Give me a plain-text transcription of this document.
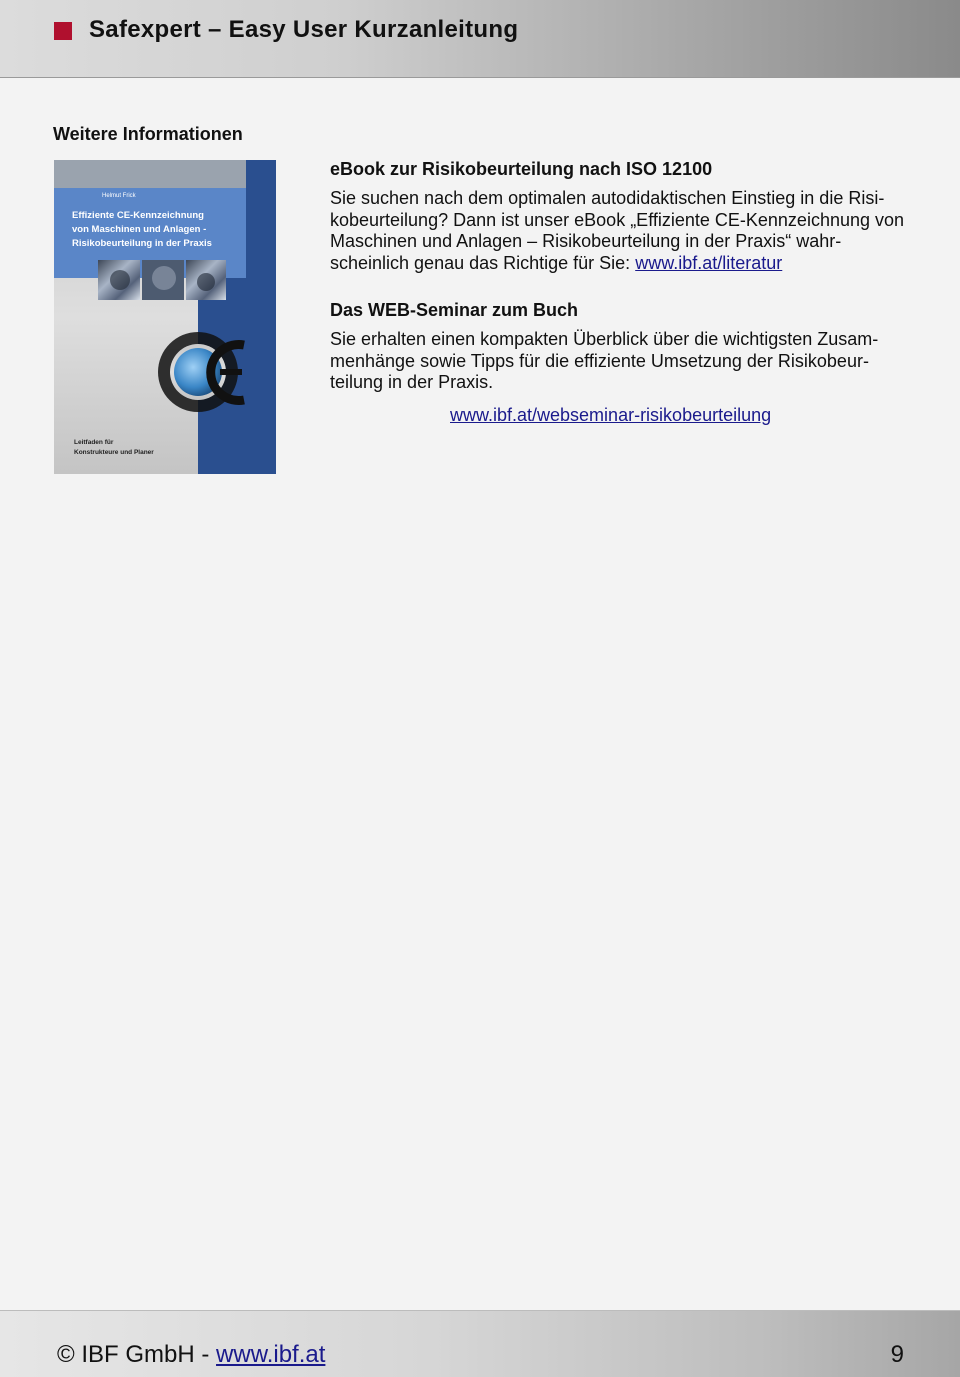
Safexpert – Easy User Kurzanleitung
Weitere Informationen
Helmut Frick
Effiziente CE-Kennzeichnung
von Maschinen und Anlagen -
Risikobeurteilung in der Praxis
Leitfaden für
Konstrukteure und Planer
eBook zur Risikobeurteilung nach ISO 12100

Sie suchen nach dem optimalen autodidaktischen Einstieg in die Risi-kobeurteilung? Dann ist unser eBook „Effiziente CE-Kennzeichnung von Maschinen und Anlagen – Risikobeurteilung in der Praxis“ wahr-scheinlich genau das Richtige für Sie: www.ibf.at/literatur

Das WEB-Seminar zum Buch

Sie erhalten einen kompakten Überblick über die wichtigsten Zusam-menhänge sowie Tipps für die effiziente Umsetzung der Risikobeur-teilung in der Praxis.

www.ibf.at/webseminar-risikobeurteilung
© IBF GmbH - www.ibf.at	9
